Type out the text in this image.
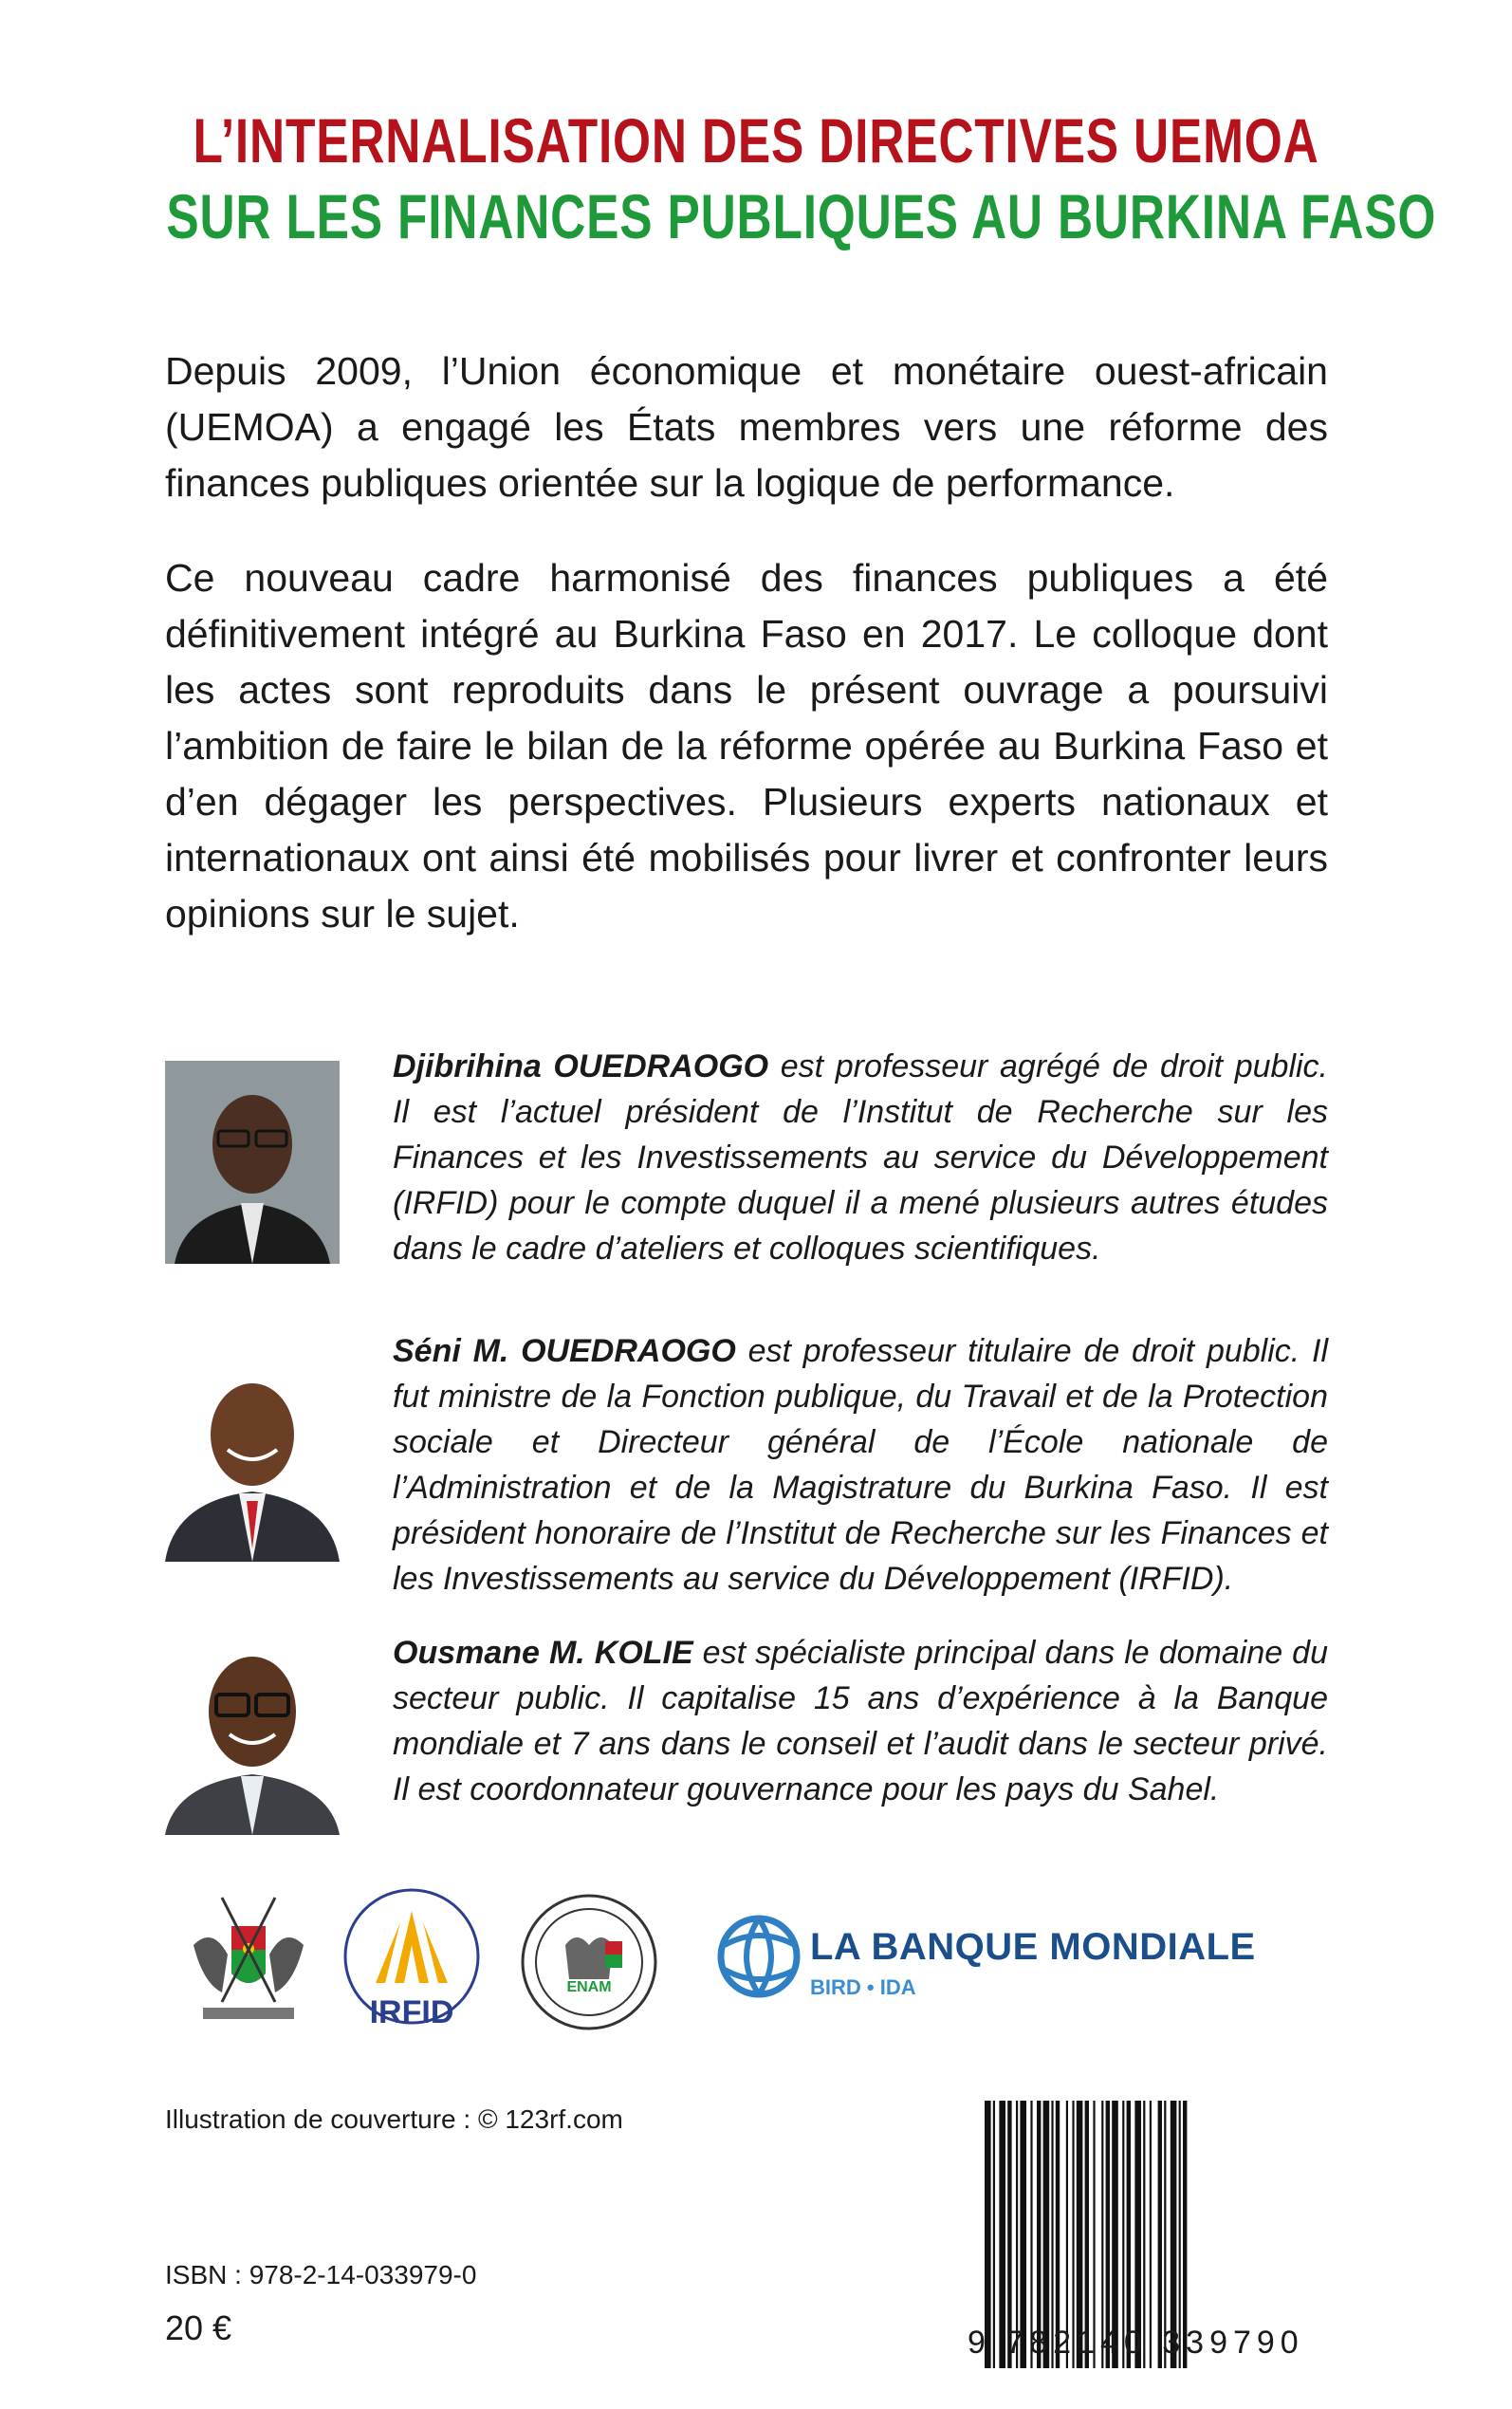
L’INTERNALISATION DES DIRECTIVES UEMOA
SUR LES FINANCES PUBLIQUES AU BURKINA FASO

Depuis 2009, l’Union économique et monétaire ouest-africain (UEMOA) a engagé les États membres vers une réforme des finances publiques orientée sur la logique de performance.

Ce nouveau cadre harmonisé des finances publiques a été définitivement intégré au Burkina Faso en 2017. Le colloque dont les actes sont reproduits dans le présent ouvrage a poursuivi l’ambition de faire le bilan de la réforme opérée au Burkina Faso et d’en dégager les perspectives. Plusieurs experts nationaux et internationaux ont ainsi été mobilisés pour livrer et confronter leurs opinions sur le sujet.

Djibrihina OUEDRAOGO est professeur agrégé de droit public. Il est l’actuel président de l’Institut de Recherche sur les Finances et les Investissements au service du Développement (IRFID) pour le compte duquel il a mené plusieurs autres études dans le cadre d’ateliers et colloques scientifiques.

Séni M. OUEDRAOGO est professeur titulaire de droit public. Il fut ministre de la Fonction publique, du Travail et de la Protection sociale et Directeur général de l’École nationale de l’Administration et de la Magistrature du Burkina Faso. Il est président honoraire de l’Institut de Recherche sur les Finances et les Investissements au service du Développement (IRFID).

Ousmane M. KOLIE est spécialiste principal dans le domaine du secteur public. Il capitalise 15 ans d’expérience à la Banque mondiale et 7 ans dans le conseil et l’audit dans le secteur privé. Il est coordonnateur gouvernance pour les pays du Sahel.

IRFID
ENAM
LA BANQUE MONDIALE
BIRD • IDA
Illustration de couverture : © 123rf.com
ISBN : 978-2-14-033979-0
20 €	9 782140 339790
